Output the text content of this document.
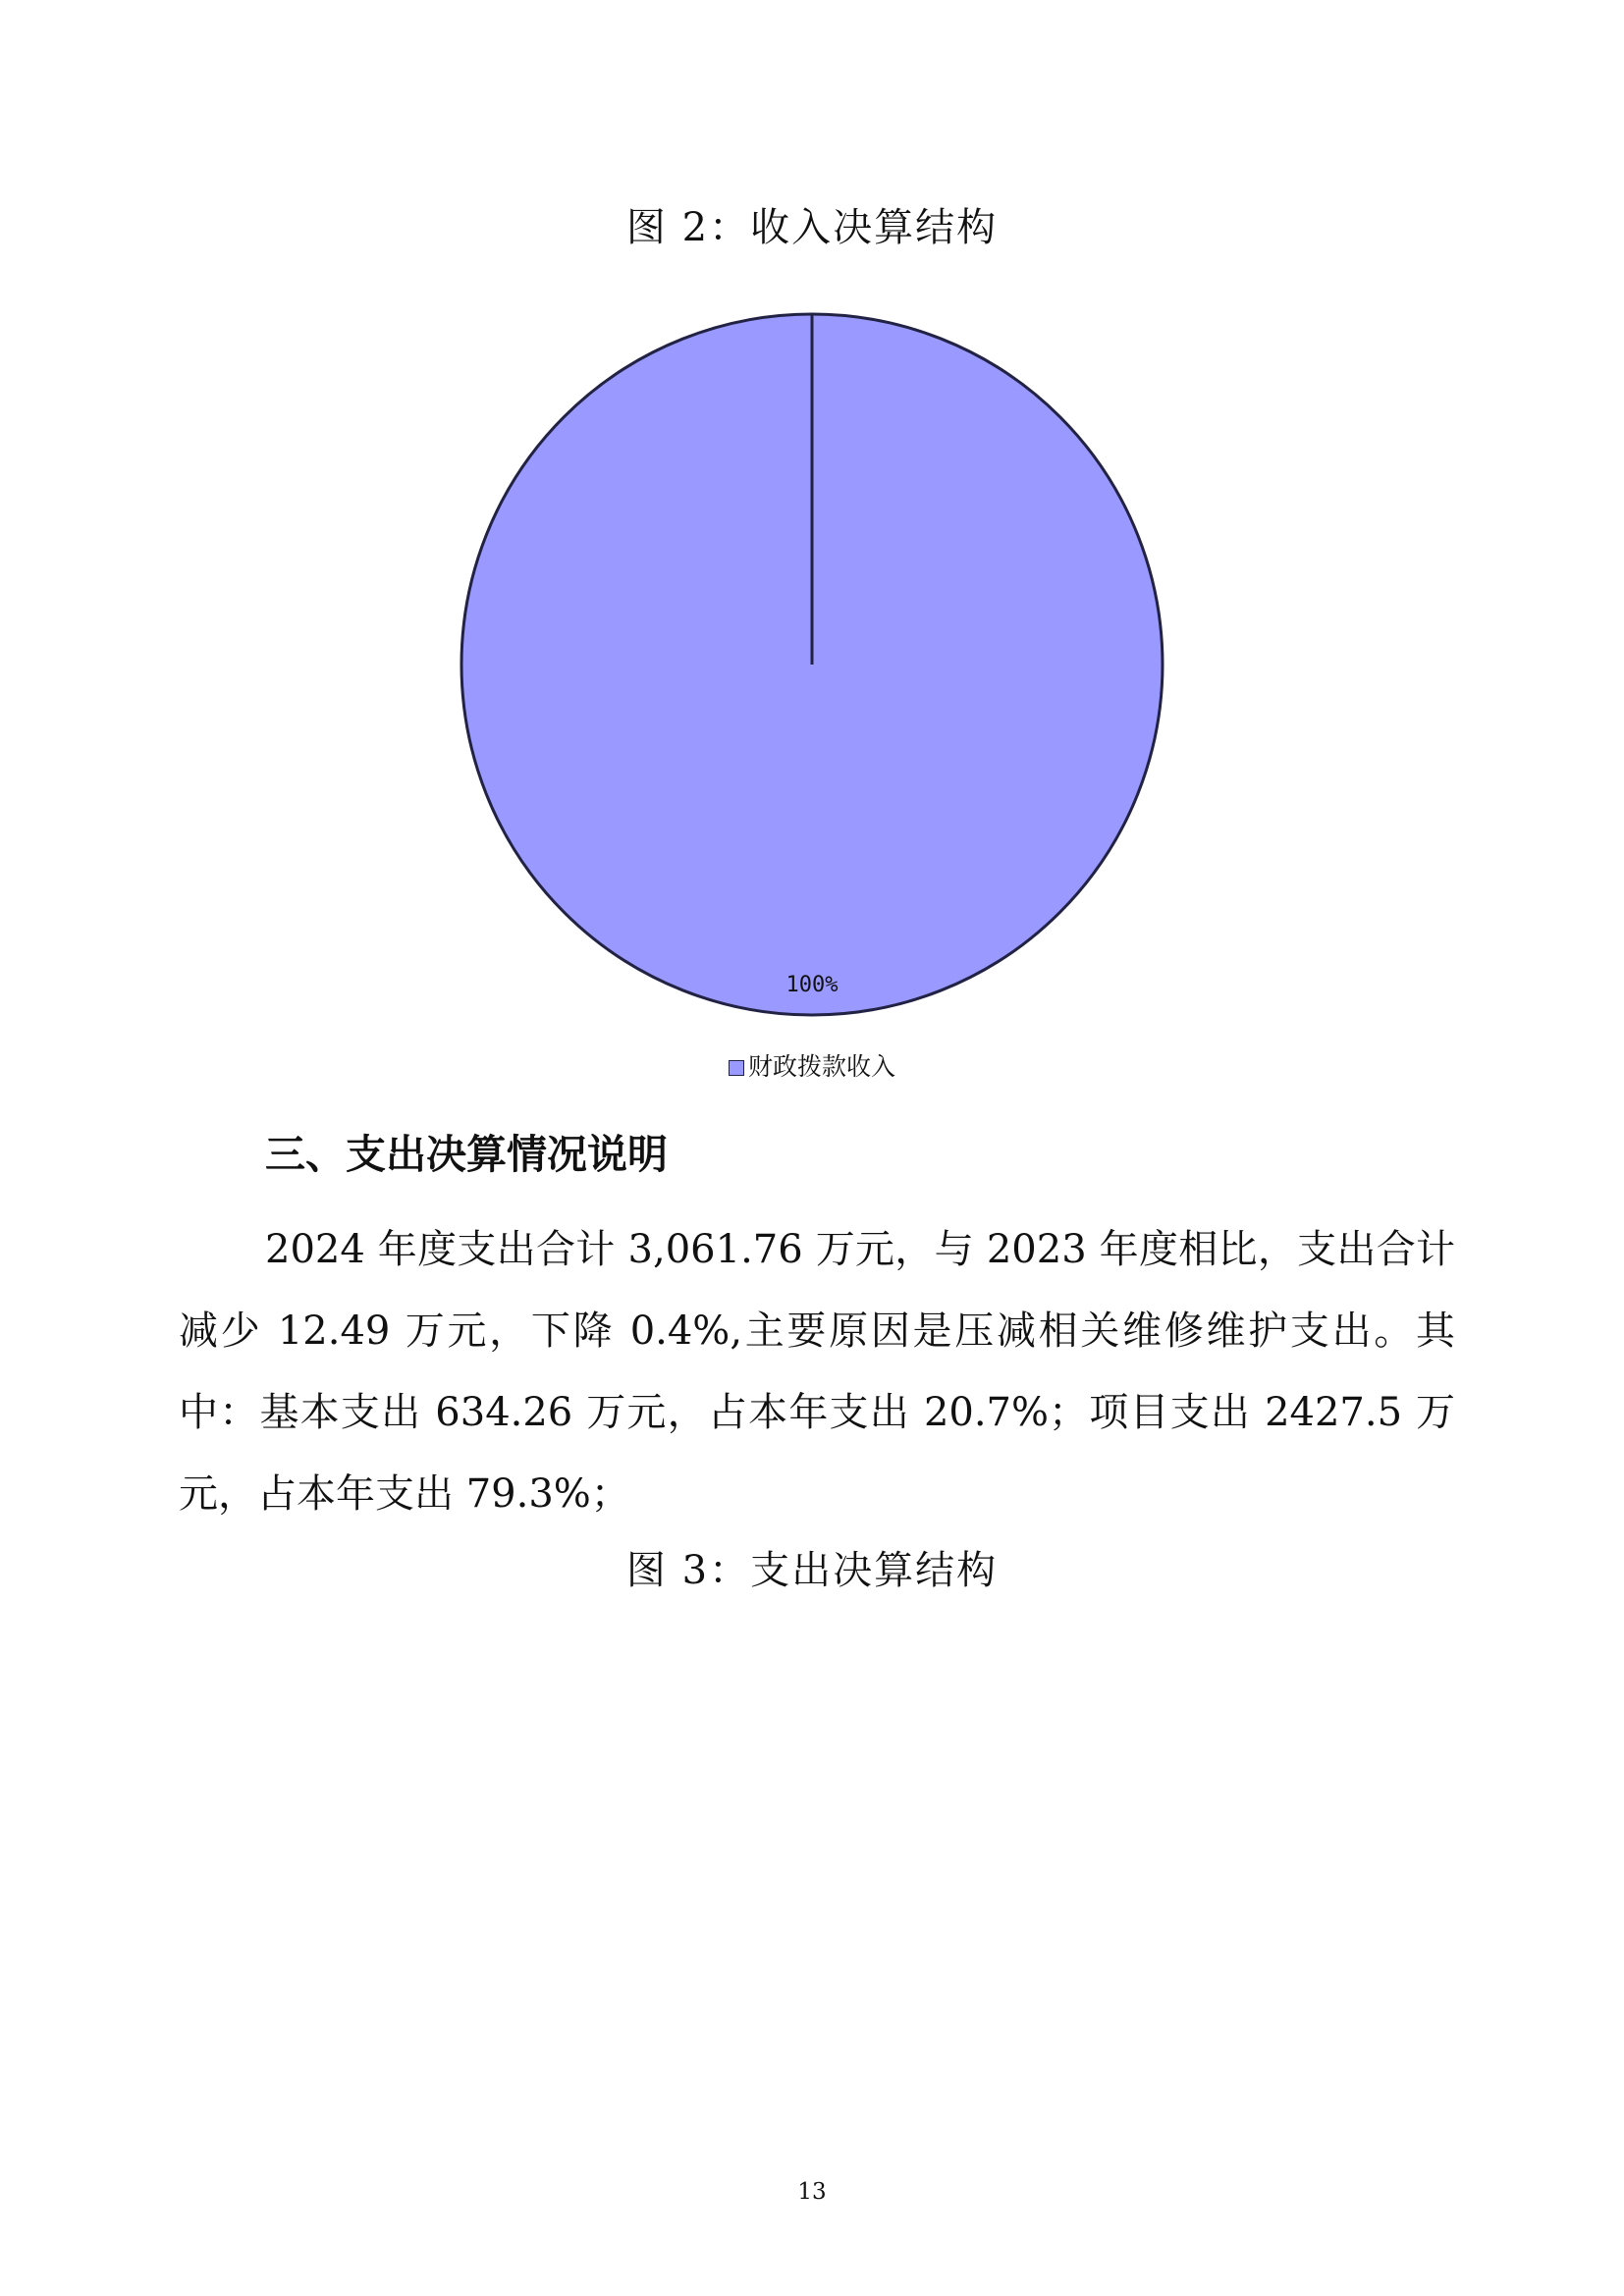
图 2：收入决算结构
100%
财政拨款收入
三、支出决算情况说明

2024 年度支出合计 3,061.76 万元，与 2023 年度相比，支出合计减少 12.49 万元，下降 0.4%,主要原因是压减相关维修维护支出。其中：基本支出 634.26 万元，占本年支出 20.7%；项目支出 2427.5 万元，占本年支出 79.3%；

图 3：支出决算结构
13
